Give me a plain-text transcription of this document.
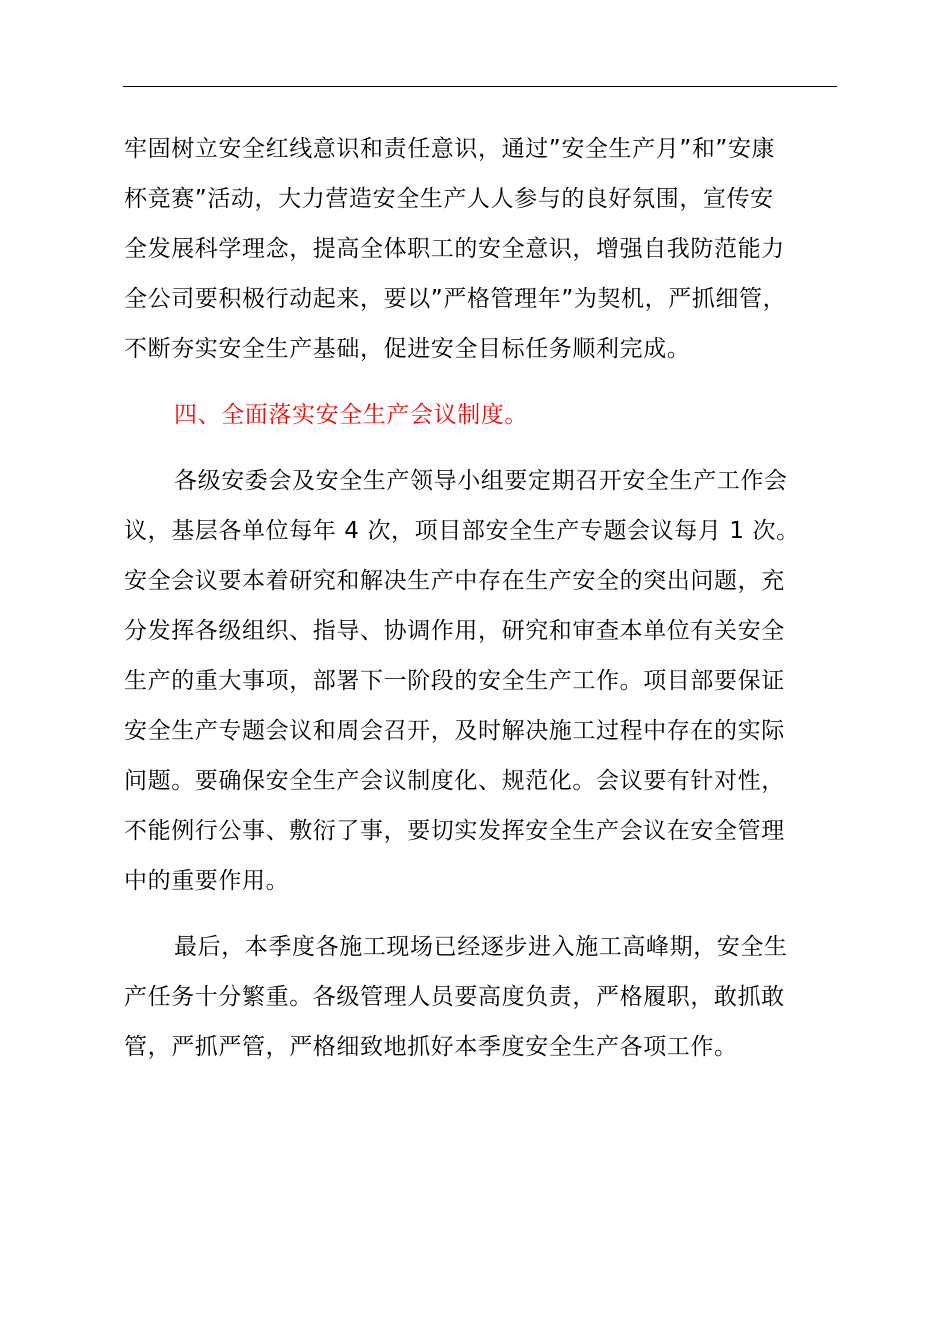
牢固树立安全红线意识和责任意识，通过”安全生产月”和”安康
杯竞赛”活动，大力营造安全生产人人参与的良好氛围，宣传安
全发展科学理念，提高全体职工的安全意识，增强自我防范能力
全公司要积极行动起来，要以”严格管理年”为契机，严抓细管，
不断夯实安全生产基础，促进安全目标任务顺利完成。
四、全面落实安全生产会议制度。
各级安委会及安全生产领导小组要定期召开安全生产工作会
议，基层各单位每年 4 次，项目部安全生产专题会议每月 1 次。
安全会议要本着研究和解决生产中存在生产安全的突出问题，充
分发挥各级组织、指导、协调作用，研究和审查本单位有关安全
生产的重大事项，部署下一阶段的安全生产工作。项目部要保证
安全生产专题会议和周会召开，及时解决施工过程中存在的实际
问题。要确保安全生产会议制度化、规范化。会议要有针对性，
不能例行公事、敷衍了事，要切实发挥安全生产会议在安全管理
中的重要作用。
最后，本季度各施工现场已经逐步进入施工高峰期，安全生
产任务十分繁重。各级管理人员要高度负责，严格履职，敢抓敢
管，严抓严管，严格细致地抓好本季度安全生产各项工作。
